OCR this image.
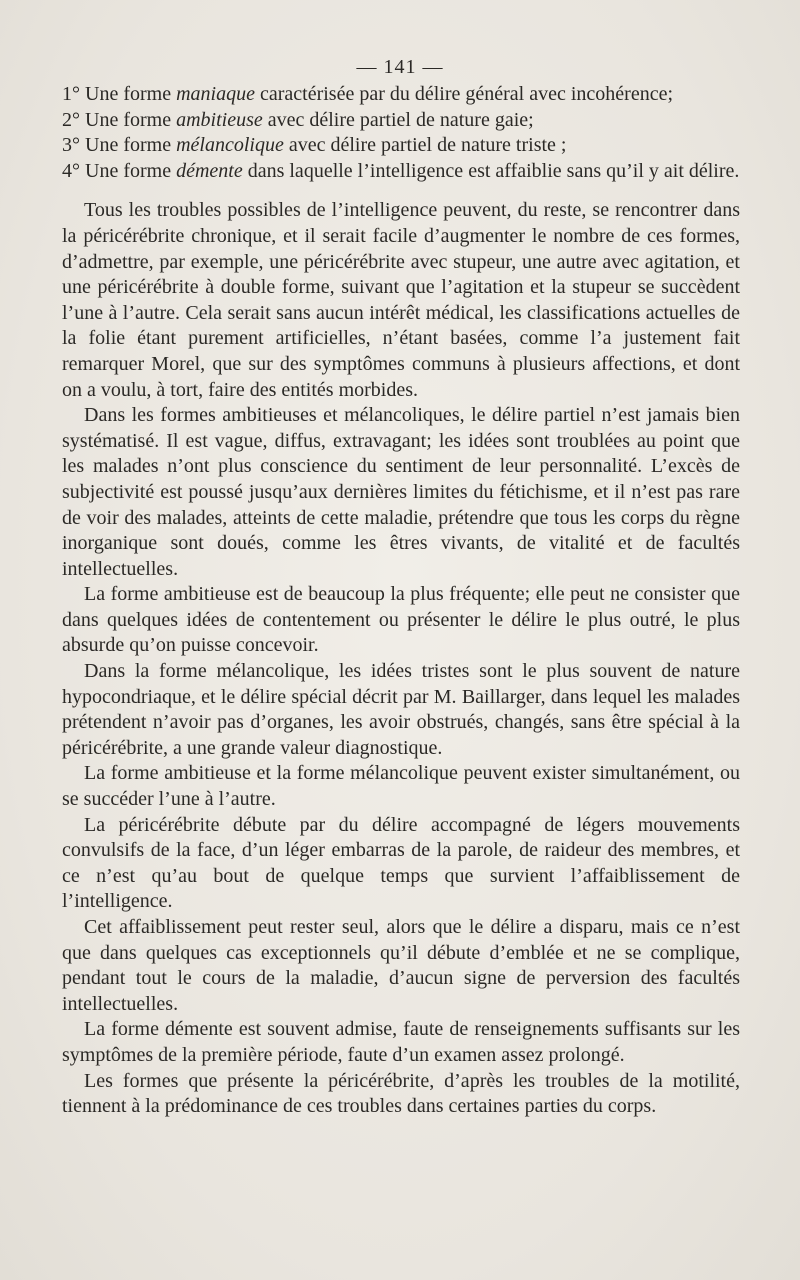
— 141 —

1° Une forme maniaque caractérisée par du délire général avec incohérence;

2° Une forme ambitieuse avec délire partiel de nature gaie;

3° Une forme mélancolique avec délire partiel de nature triste ;

4° Une forme démente dans laquelle l’intelligence est affaiblie sans qu’il y ait délire.

Tous les troubles possibles de l’intelligence peuvent, du reste, se rencontrer dans la péricérébrite chronique, et il serait facile d’augmenter le nombre de ces formes, d’admettre, par exemple, une péricérébrite avec stupeur, une autre avec agitation, et une péricérébrite à double forme, suivant que l’agitation et la stupeur se succèdent l’une à l’autre. Cela serait sans aucun intérêt médical, les classifications actuelles de la folie étant purement artificielles, n’étant basées, comme l’a justement fait remarquer Morel, que sur des symptômes communs à plusieurs affections, et dont on a voulu, à tort, faire des entités morbides.

Dans les formes ambitieuses et mélancoliques, le délire partiel n’est jamais bien systématisé. Il est vague, diffus, extravagant; les idées sont troublées au point que les malades n’ont plus conscience du sentiment de leur personnalité. L’excès de subjectivité est poussé jusqu’aux dernières limites du fétichisme, et il n’est pas rare de voir des malades, atteints de cette maladie, prétendre que tous les corps du règne inorganique sont doués, comme les êtres vivants, de vitalité et de facultés intellectuelles.

La forme ambitieuse est de beaucoup la plus fréquente; elle peut ne consister que dans quelques idées de contentement ou présenter le délire le plus outré, le plus absurde qu’on puisse concevoir.

Dans la forme mélancolique, les idées tristes sont le plus souvent de nature hypocondriaque, et le délire spécial décrit par M. Baillarger, dans lequel les malades prétendent n’avoir pas d’organes, les avoir obstrués, changés, sans être spécial à la péricérébrite, a une grande valeur diagnostique.

La forme ambitieuse et la forme mélancolique peuvent exister simultanément, ou se succéder l’une à l’autre.

La péricérébrite débute par du délire accompagné de légers mouvements convulsifs de la face, d’un léger embarras de la parole, de raideur des membres, et ce n’est qu’au bout de quelque temps que survient l’affaiblissement de l’intelligence.

Cet affaiblissement peut rester seul, alors que le délire a disparu, mais ce n’est que dans quelques cas exceptionnels qu’il débute d’emblée et ne se complique, pendant tout le cours de la maladie, d’aucun signe de perversion des facultés intellectuelles.

La forme démente est souvent admise, faute de renseignements suffisants sur les symptômes de la première période, faute d’un examen assez prolongé.

Les formes que présente la péricérébrite, d’après les troubles de la motilité, tiennent à la prédominance de ces troubles dans certaines parties du corps.
